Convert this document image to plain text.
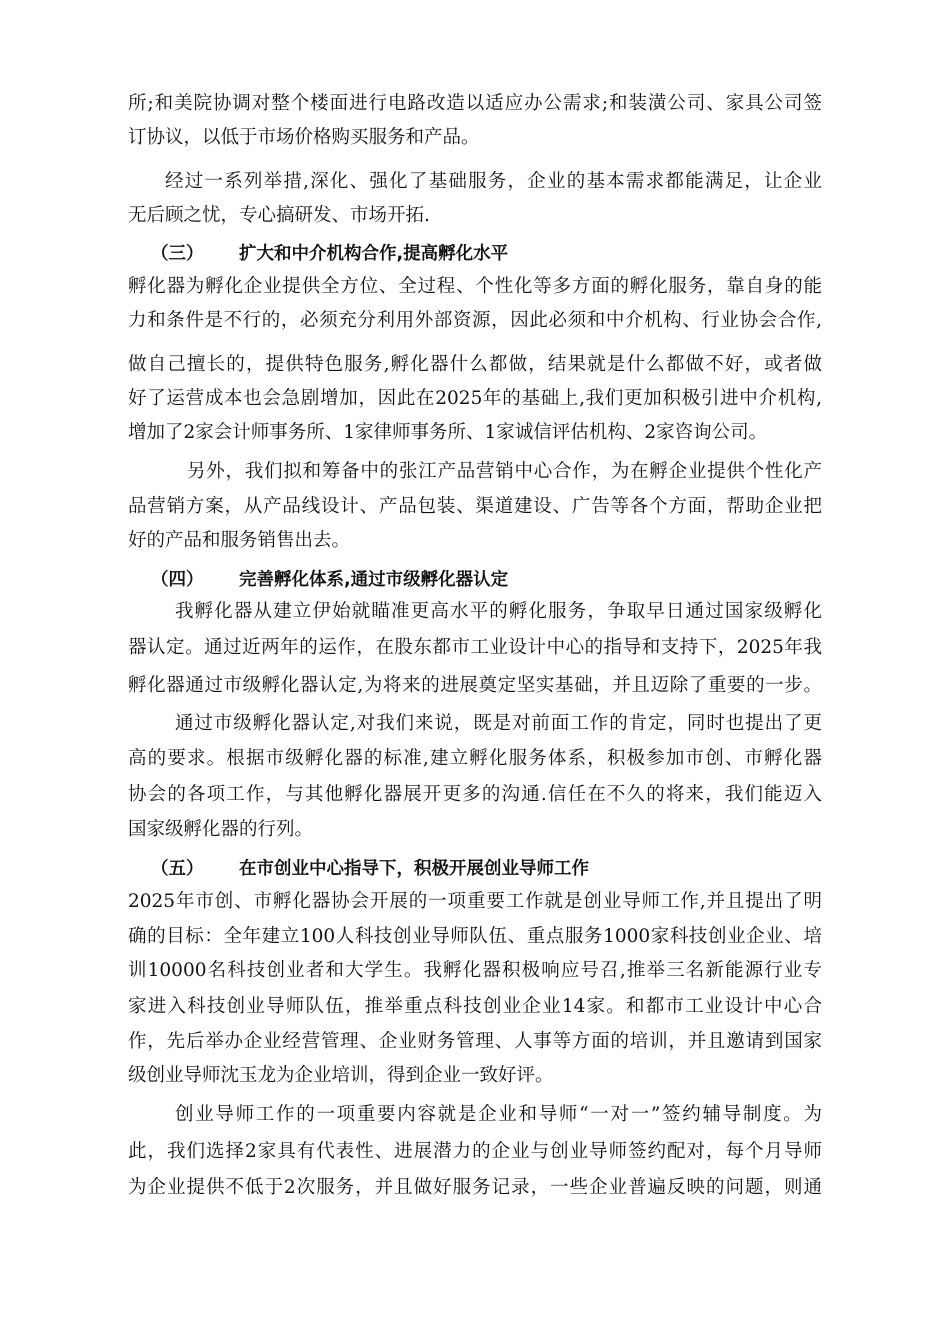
所;和美院协调对整个楼面进行电路改造以适应办公需求;和装潢公司、家具公司签
订协议，以低于市场价格购买服务和产品。
经过一系列举措,深化、强化了基础服务，企业的基本需求都能满足，让企业
无后顾之忧，专心搞研发、市场开拓.
（三） 扩大和中介机构合作,提高孵化水平
孵化器为孵化企业提供全方位、全过程、个性化等多方面的孵化服务，靠自身的能
力和条件是不行的，必须充分利用外部资源，因此必须和中介机构、行业协会合作,
做自己擅长的，提供特色服务,孵化器什么都做，结果就是什么都做不好，或者做
好了运营成本也会急剧增加，因此在2025年的基础上,我们更加积极引进中介机构,
增加了2家会计师事务所、1家律师事务所、1家诚信评估机构、2家咨询公司。
另外，我们拟和筹备中的张江产品营销中心合作，为在孵企业提供个性化产
品营销方案，从产品线设计、产品包装、渠道建设、广告等各个方面，帮助企业把
好的产品和服务销售出去。
（四） 完善孵化体系,通过市级孵化器认定
我孵化器从建立伊始就瞄准更高水平的孵化服务，争取早日通过国家级孵化
器认定。通过近两年的运作，在股东都市工业设计中心的指导和支持下，2025年我
孵化器通过市级孵化器认定,为将来的进展奠定坚实基础，并且迈除了重要的一步。
通过市级孵化器认定,对我们来说，既是对前面工作的肯定，同时也提出了更
高的要求。根据市级孵化器的标准,建立孵化服务体系，积极参加市创、市孵化器
协会的各项工作，与其他孵化器展开更多的沟通.信任在不久的将来，我们能迈入
国家级孵化器的行列。
（五） 在市创业中心指导下，积极开展创业导师工作
2025年市创、市孵化器协会开展的一项重要工作就是创业导师工作,并且提出了明
确的目标：全年建立100人科技创业导师队伍、重点服务1000家科技创业企业、培
训10000名科技创业者和大学生。我孵化器积极响应号召,推举三名新能源行业专
家进入科技创业导师队伍，推举重点科技创业企业14家。和都市工业设计中心合
作，先后举办企业经营管理、企业财务管理、人事等方面的培训，并且邀请到国家
级创业导师沈玉龙为企业培训，得到企业一致好评。
创业导师工作的一项重要内容就是企业和导师“一对一”签约辅导制度。为
此，我们选择2家具有代表性、进展潜力的企业与创业导师签约配对，每个月导师
为企业提供不低于2次服务，并且做好服务记录，一些企业普遍反映的问题，则通
